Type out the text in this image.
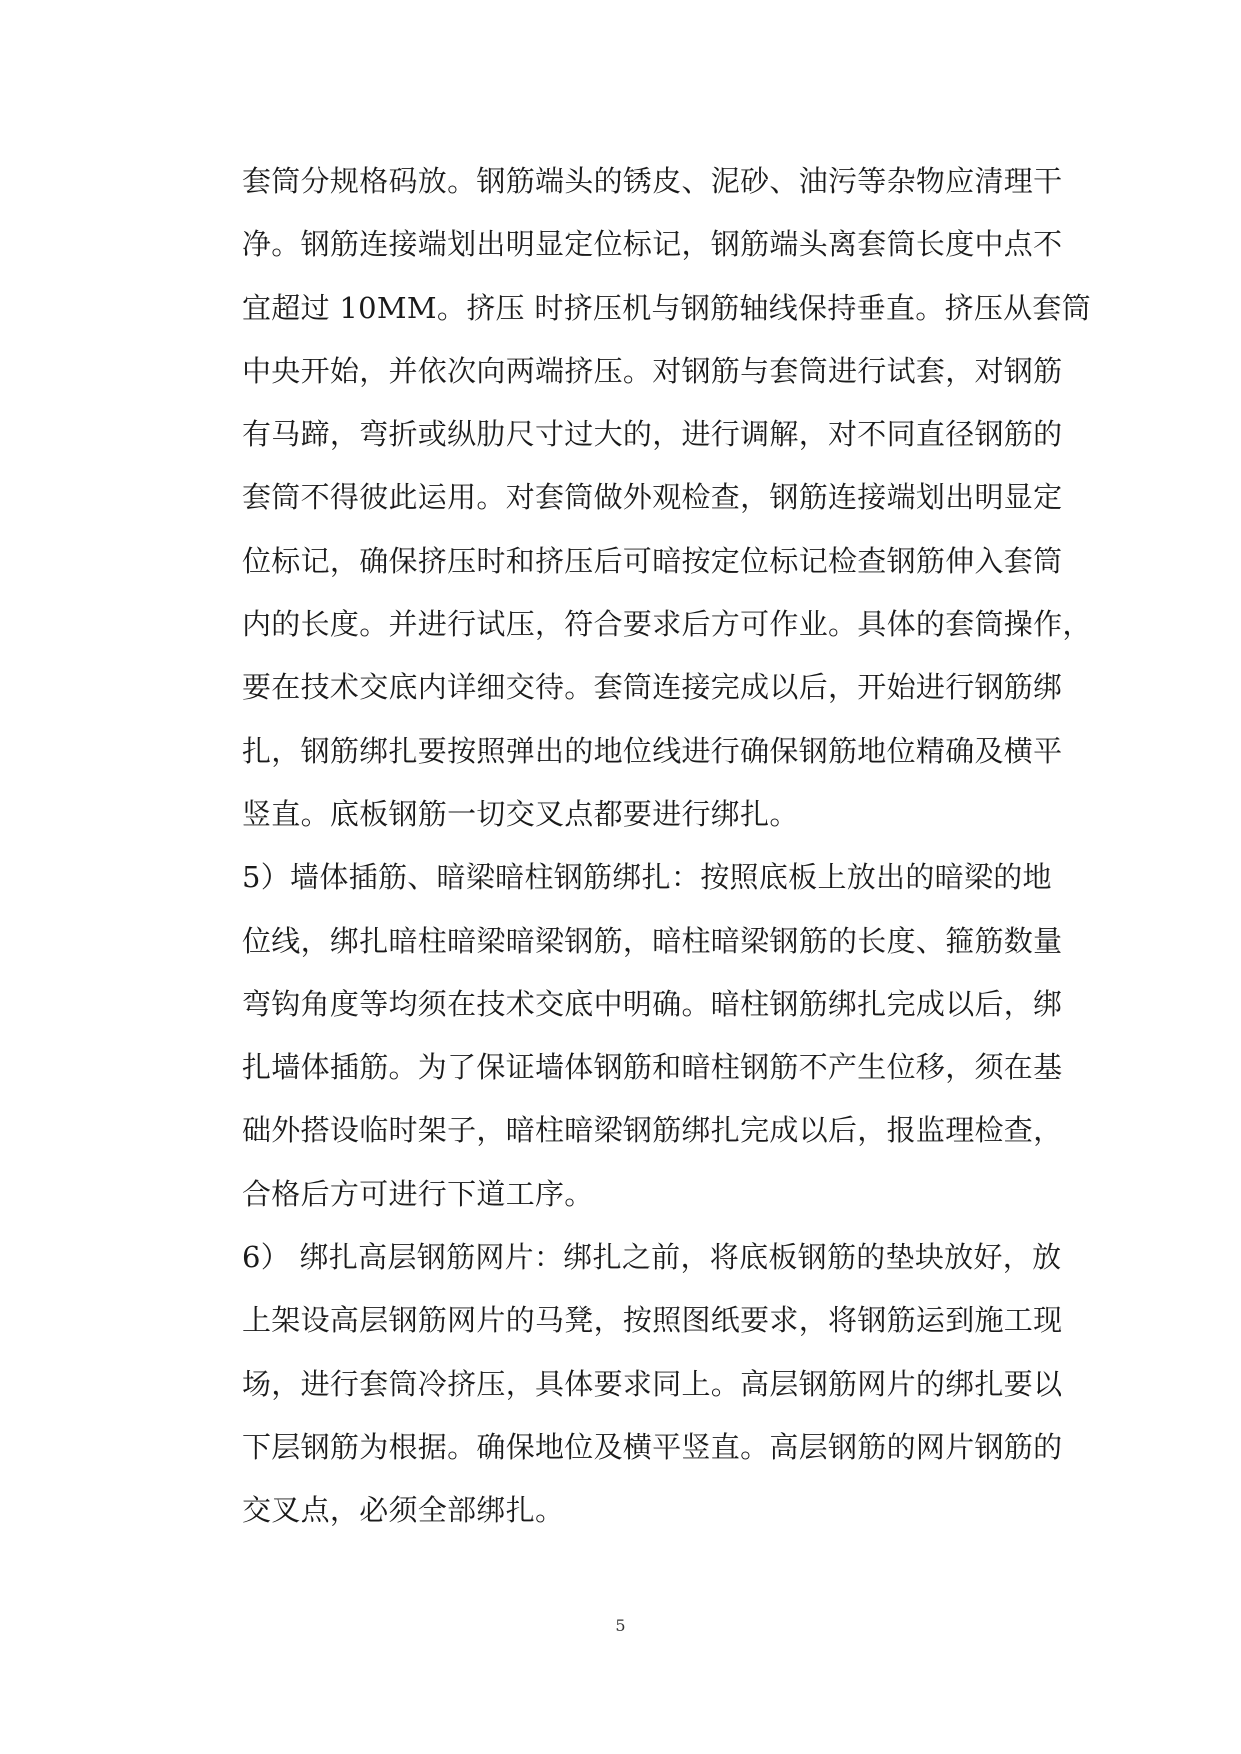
套筒分规格码放。钢筋端头的锈皮、泥砂、油污等杂物应清理干
净。钢筋连接端划出明显定位标记，钢筋端头离套筒长度中点不
宜超过 10MM。挤压 时挤压机与钢筋轴线保持垂直。挤压从套筒
中央开始，并依次向两端挤压。对钢筋与套筒进行试套，对钢筋
有马蹄，弯折或纵肋尺寸过大的，进行调解，对不同直径钢筋的
套筒不得彼此运用。对套筒做外观检查，钢筋连接端划出明显定
位标记，确保挤压时和挤压后可暗按定位标记检查钢筋伸入套筒
内的长度。并进行试压，符合要求后方可作业。具体的套筒操作，
要在技术交底内详细交待。套筒连接完成以后，开始进行钢筋绑
扎，钢筋绑扎要按照弹出的地位线进行确保钢筋地位精确及横平
竖直。底板钢筋一切交叉点都要进行绑扎。
5）墙体插筋、暗梁暗柱钢筋绑扎：按照底板上放出的暗梁的地
位线，绑扎暗柱暗梁暗梁钢筋，暗柱暗梁钢筋的长度、箍筋数量
弯钩角度等均须在技术交底中明确。暗柱钢筋绑扎完成以后，绑
扎墙体插筋。为了保证墙体钢筋和暗柱钢筋不产生位移，须在基
础外搭设临时架子，暗柱暗梁钢筋绑扎完成以后，报监理检查，
合格后方可进行下道工序。
6） 绑扎高层钢筋网片：绑扎之前，将底板钢筋的垫块放好，放
上架设高层钢筋网片的马凳，按照图纸要求，将钢筋运到施工现
场，进行套筒冷挤压，具体要求同上。高层钢筋网片的绑扎要以
下层钢筋为根据。确保地位及横平竖直。高层钢筋的网片钢筋的
交叉点，必须全部绑扎。
5
